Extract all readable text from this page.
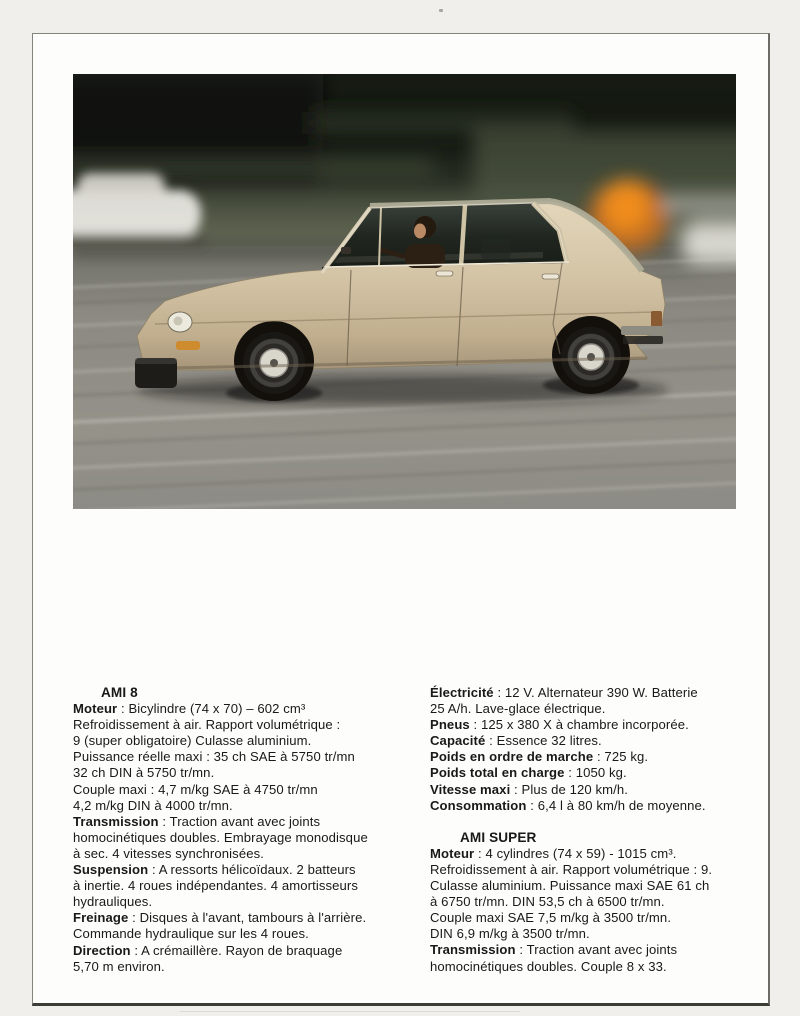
AMI 8

Moteur : Bicylindre (74 x 70) – 602 cm³

Refroidissement à air. Rapport volumétrique :

9 (super obligatoire) Culasse aluminium.

Puissance réelle maxi : 35 ch SAE à 5750 tr/mn

32 ch DIN à 5750 tr/mn.

Couple maxi : 4,7 m/kg SAE à 4750 tr/mn

4,2 m/kg DIN à 4000 tr/mn.

Transmission : Traction avant avec joints

homocinétiques doubles. Embrayage monodisque

à sec. 4 vitesses synchronisées.

Suspension : A ressorts hélicoïdaux. 2 batteurs

à inertie. 4 roues indépendantes. 4 amortisseurs

hydrauliques.

Freinage : Disques à l'avant, tambours à l'arrière.

Commande hydraulique sur les 4 roues.

Direction : A crémaillère. Rayon de braquage

5,70 m environ.

Électricité : 12 V. Alternateur 390 W. Batterie

25 A/h. Lave-glace électrique.

Pneus : 125 x 380 X à chambre incorporée.

Capacité : Essence 32 litres.

Poids en ordre de marche : 725 kg.

Poids total en charge : 1050 kg.

Vitesse maxi : Plus de 120 km/h.

Consommation : 6,4 l à 80 km/h de moyenne.

AMI SUPER

Moteur : 4 cylindres (74 x 59) - 1015 cm³.

Refroidissement à air. Rapport volumétrique : 9.

Culasse aluminium. Puissance maxi SAE 61 ch

à 6750 tr/mn. DIN 53,5 ch à 6500 tr/mn.

Couple maxi SAE 7,5 m/kg à 3500 tr/mn.

DIN 6,9 m/kg à 3500 tr/mn.

Transmission : Traction avant avec joints

homocinétiques doubles. Couple 8 x 33.
